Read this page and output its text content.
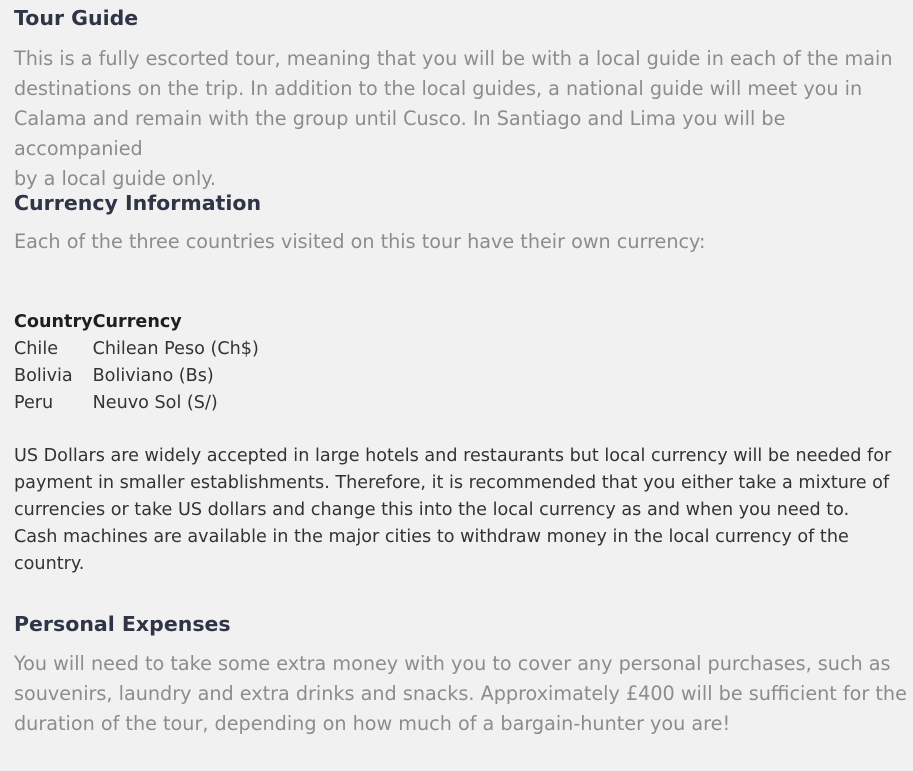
Tour Guide

This is a fully escorted tour, meaning that you will be with a local guide in each of the main
destinations on the trip. In addition to the local guides, a national guide will meet you in
Calama and remain with the group until Cusco. In Santiago and Lima you will be accompanied
by a local guide only.

Currency Information

Each of the three countries visited on this tour have their own currency:

Country	Currency
Chile	Chilean Peso (Ch$)
Bolivia	Boliviano (Bs)
Peru	Neuvo Sol (S/)

US Dollars are widely accepted in large hotels and restaurants but local currency will be needed for
payment in smaller establishments. Therefore, it is recommended that you either take a mixture of
currencies or take US dollars and change this into the local currency as and when you need to.
Cash machines are available in the major cities to withdraw money in the local currency of the
country.

Personal Expenses

You will need to take some extra money with you to cover any personal purchases, such as
souvenirs, laundry and extra drinks and snacks. Approximately £400 will be sufficient for the
duration of the tour, depending on how much of a bargain-hunter you are!
